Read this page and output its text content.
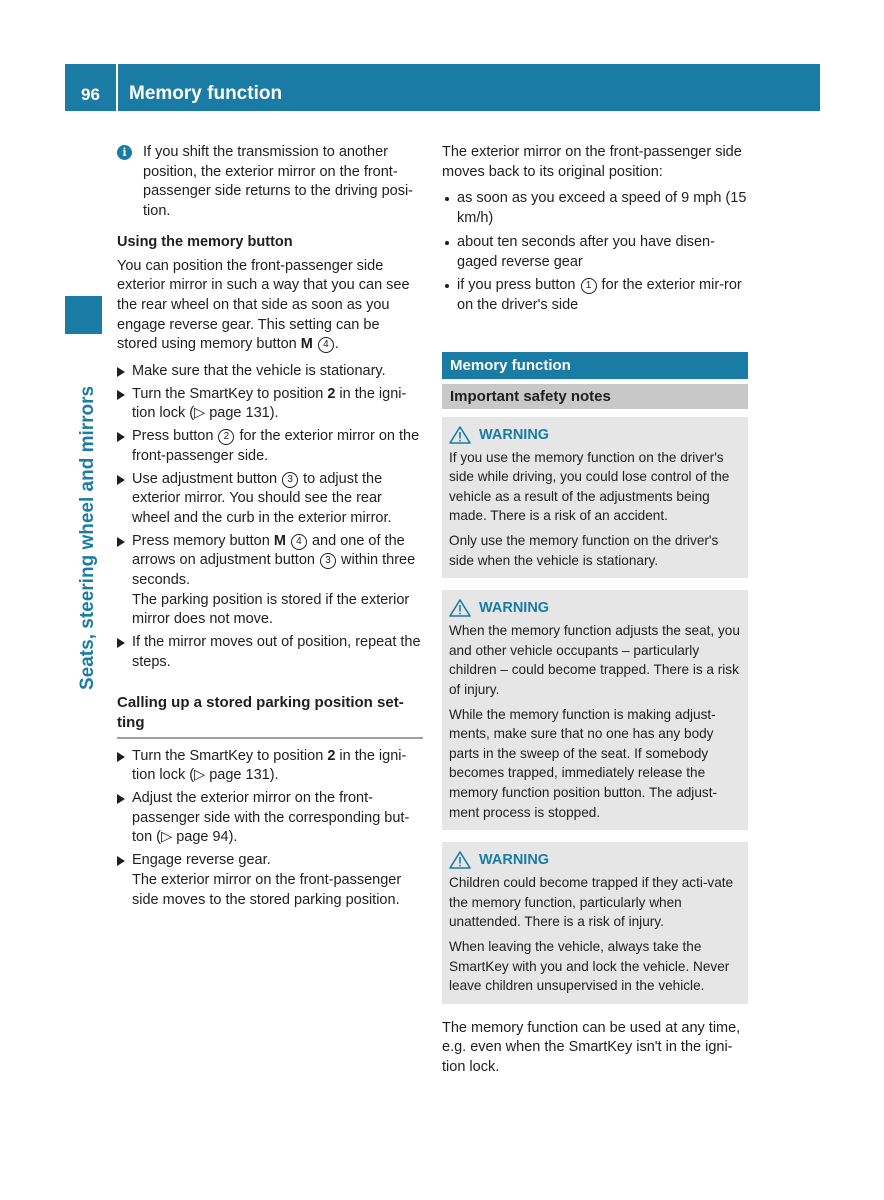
96 Memory function
Seats, steering wheel and mirrors
i	If you shift the transmission to another position, the exterior mirror on the front-passenger side returns to the driving posi-tion.

Using the memory button

You can position the front-passenger side exterior mirror in such a way that you can see the rear wheel on that side as soon as you engage reverse gear. This setting can be stored using memory button M 4 .

Make sure that the vehicle is stationary.
Turn the SmartKey to position 2 in the igni-tion lock (▷ page 131).
Press button 2 for the exterior mirror on the front-passenger side.
Use adjustment button 3 to adjust the exterior mirror. You should see the rear wheel and the curb in the exterior mirror.
Press memory button M 4 and one of the arrows on adjustment button 3 within three seconds.
The parking position is stored if the exterior mirror does not move.
If the mirror moves out of position, repeat the steps.

Calling up a stored parking position set-ting

Turn the SmartKey to position 2 in the igni-tion lock (▷ page 131).
Adjust the exterior mirror on the front-passenger side with the corresponding but-ton (▷ page 94).
Engage reverse gear.
The exterior mirror on the front-passenger side moves to the stored parking position.

The exterior mirror on the front-passenger side moves back to its original position:

as soon as you exceed a speed of 9 mph (15 km/h)
about ten seconds after you have disen-gaged reverse gear
if you press button 1 for the exterior mir-ror on the driver's side
Memory function
Important safety notes
WARNING

If you use the memory function on the driver's side while driving, you could lose control of the vehicle as a result of the adjustments being made. There is a risk of an accident.

Only use the memory function on the driver's side when the vehicle is stationary.

WARNING

When the memory function adjusts the seat, you and other vehicle occupants – particularly children – could become trapped. There is a risk of injury.

While the memory function is making adjust-ments, make sure that no one has any body parts in the sweep of the seat. If somebody becomes trapped, immediately release the memory function position button. The adjust-ment process is stopped.

WARNING

Children could become trapped if they acti-vate the memory function, particularly when unattended. There is a risk of injury.

When leaving the vehicle, always take the SmartKey with you and lock the vehicle. Never leave children unsupervised in the vehicle.

The memory function can be used at any time, e.g. even when the SmartKey isn't in the igni-tion lock.
